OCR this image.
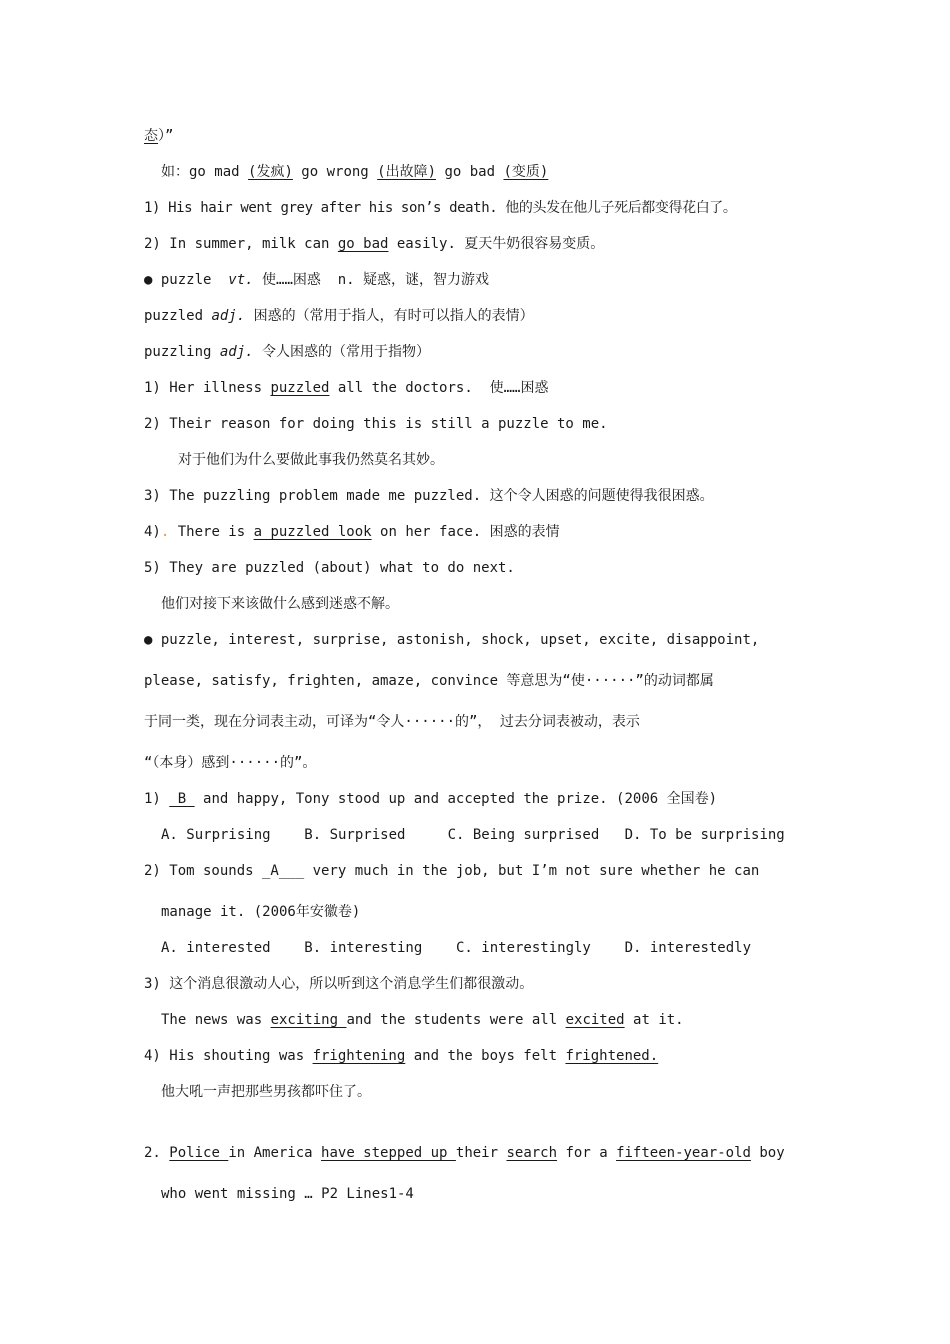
态）”
如：go mad (发疯) go wrong (出故障) go bad (变质)
1) His hair went grey after his son’s death. 他的头发在他儿子死后都变得花白了。
2) In summer, milk can go bad easily. 夏天牛奶很容易变质。
● puzzle  vt. 使……困惑  n. 疑惑，谜，智力游戏
puzzled adj. 困惑的（常用于指人，有时可以指人的表情）
puzzling adj. 令人困惑的（常用于指物）
1) Her illness puzzled all the doctors.  使……困惑
2) Their reason for doing this is still a puzzle to me.
对于他们为什么要做此事我仍然莫名其妙。
3) The puzzling problem made me puzzled. 这个令人困惑的问题使得我很困惑。
4). There is a puzzled look on her face. 困惑的表情
5) They are puzzled (about) what to do next.
他们对接下来该做什么感到迷惑不解。
● puzzle, interest, surprise, astonish, shock, upset, excite, disappoint,
please, satisfy, frighten, amaze, convince 等意思为“使······”的动词都属
于同一类，现在分词表主动，可译为“令人······的”， 过去分词表被动，表示
“（本身）感到······的”。
1)  B  and happy, Tony stood up and accepted the prize. (2006 全国卷)
A. Surprising    B. Surprised     C. Being surprised   D. To be surprising
2) Tom sounds _A___ very much in the job, but I’m not sure whether he can
manage it. (2006年安徽卷)
A. interested    B. interesting    C. interestingly    D. interestedly
3) 这个消息很激动人心，所以听到这个消息学生们都很激动。
The news was exciting and the students were all excited at it.
4) His shouting was frightening and the boys felt frightened.
他大吼一声把那些男孩都吓住了。
2. Police in America have stepped up their search for a fifteen-year-old boy
who went missing … P2 Lines1-4
